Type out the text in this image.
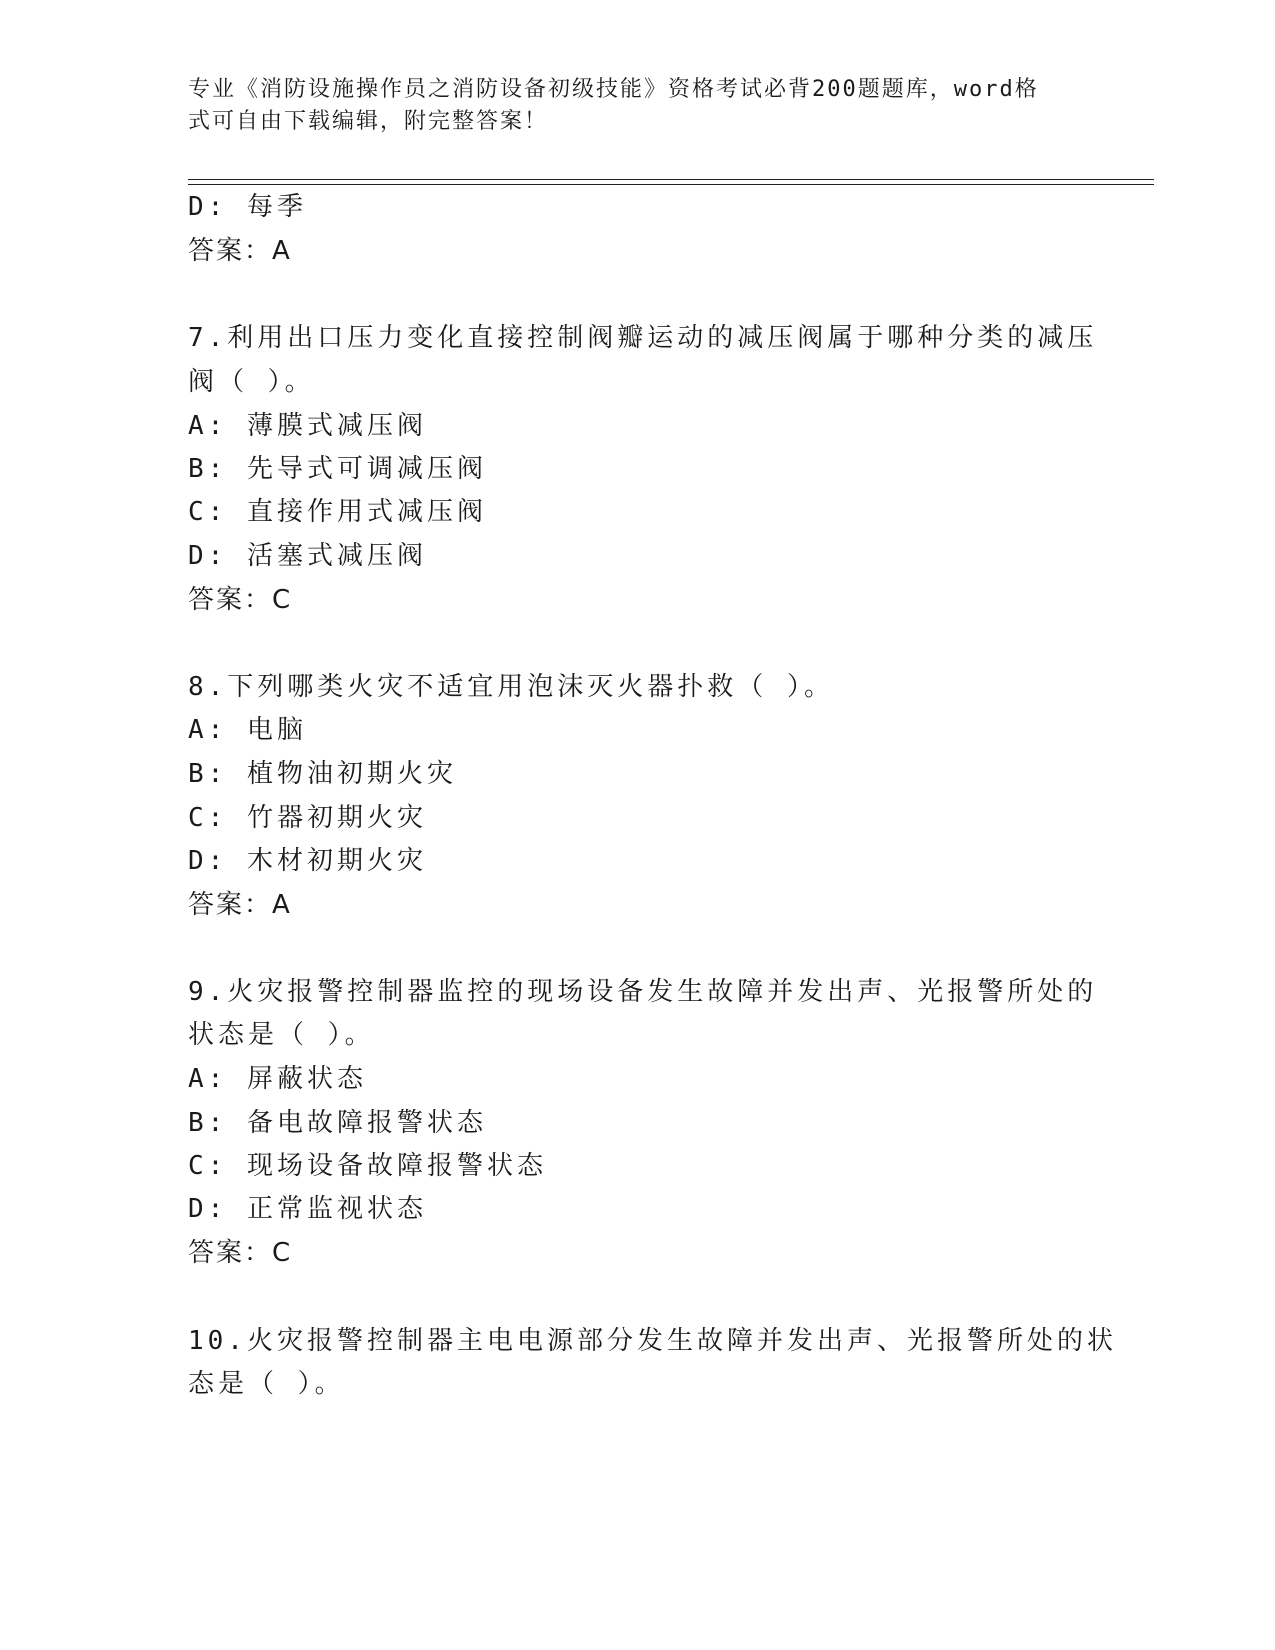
专业《消防设施操作员之消防设备初级技能》资格考试必背200题题库，word格
式可自由下载编辑，附完整答案！
D: 每季
答案：A
7.利用出口压力变化直接控制阀瓣运动的减压阀属于哪种分类的减压
阀（ ）。
A: 薄膜式减压阀
B: 先导式可调减压阀
C: 直接作用式减压阀
D: 活塞式减压阀
答案：C
8.下列哪类火灾不适宜用泡沫灭火器扑救（ ）。
A: 电脑
B: 植物油初期火灾
C: 竹器初期火灾
D: 木材初期火灾
答案：A
9.火灾报警控制器监控的现场设备发生故障并发出声、光报警所处的
状态是（ ）。
A: 屏蔽状态
B: 备电故障报警状态
C: 现场设备故障报警状态
D: 正常监视状态
答案：C
10.火灾报警控制器主电电源部分发生故障并发出声、光报警所处的状
态是（ ）。
